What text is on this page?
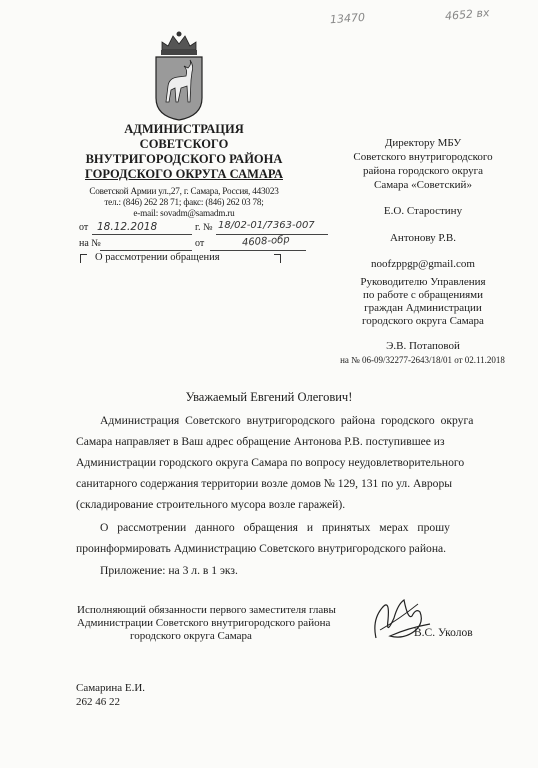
13470	4652 вх
АДМИНИСТРАЦИЯ
СОВЕТСКОГО
ВНУТРИГОРОДСКОГО РАЙОНА
ГОРОДСКОГО ОКРУГА САМАРА
Советской Армии ул.,27, г. Самара, Россия, 443023
тел.: (846) 262 28 71; факс: (846) 262 03 78;
e-mail: sovadm@samadm.ru
от 18.12.2018	г. № 18/02-01/7363-007
на №	от	4608-обр
О рассмотрении обращения
Директору МБУ
Советского внутригородского
района городского округа
Самара «Советский»
Е.О. Старостину
Антонову Р.В.
noofzppgp@gmail.com
Руководителю Управления
по работе с обращениями
граждан Администрации
городского округа Самара
Э.В. Потаповой
на № 06-09/32277-2643/18/01 от 02.11.2018
Уважаемый Евгений Олегович!
Администрация Советского внутригородского района городского округа
Самара направляет в Ваш адрес обращение Антонова Р.В. поступившее из
Администрации городского округа Самара по вопросу неудовлетворительного
санитарного содержания территории возле домов № 129, 131 по ул. Авроры
(складирование строительного мусора возле гаражей).
О рассмотрении данного обращения и принятых мерах прошу
проинформировать Администрацию Советского внутригородского района.
Приложение: на 3 л. в 1 экз.
Исполняющий обязанности первого заместителя главы
Администрации Советского внутригородского района
городского округа Самара	В.С. Уколов
Самарина Е.И.
262 46 22
